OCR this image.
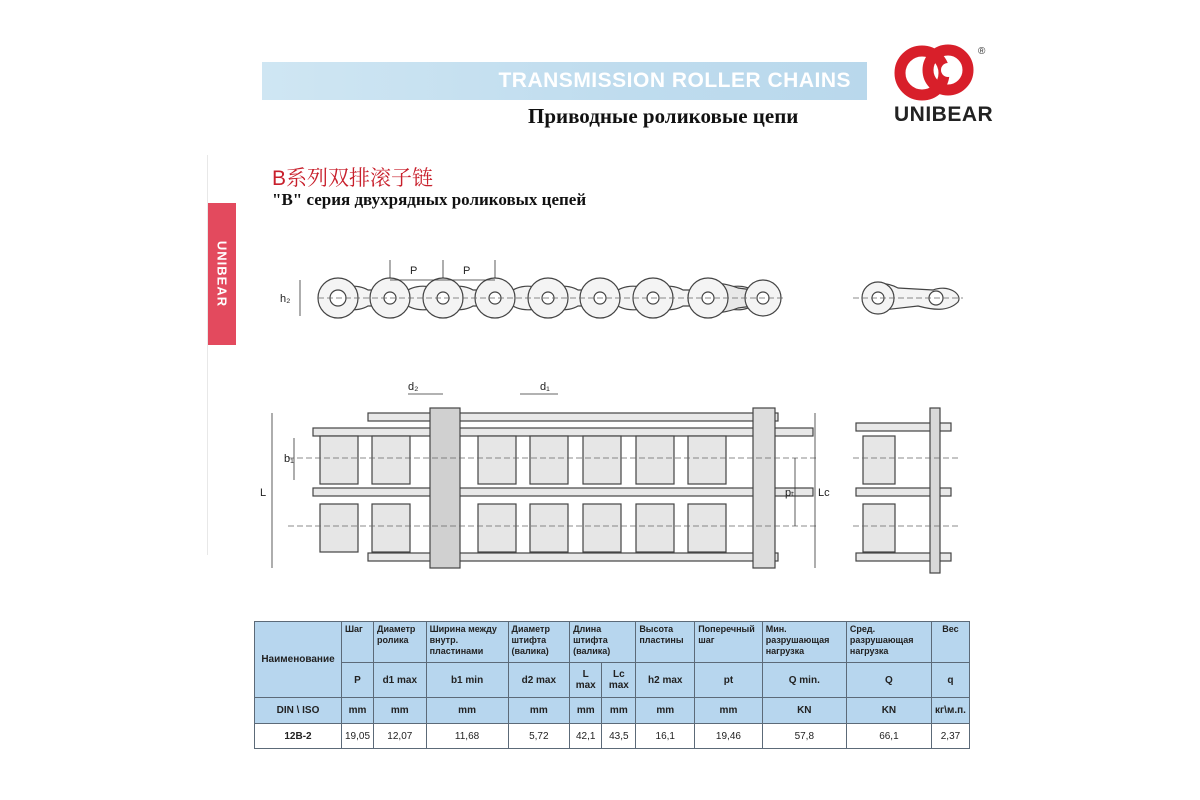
TRANSMISSION ROLLER CHAINS
Приводные роликовые цепи
®
UNIBEAR
UNIBEAR
B系列双排滚子链
"B" серия двухрядных роликовых цепей
P	P
h₂
d₂	d₁
b₁
L	pₜ Lc
Наименование	Шаг	Диаметр ролика	Ширина между внутр. пластинами	Диаметр штифта (валика)	Длина штифта (валика)		Высота пластины	Поперечный шаг	Мин. разрушающая нагрузка	Сред. разрушающая нагрузка	Вес
	P	d1 max	b1 min	d2 max	L max	Lc max	h2 max	pt	Q min.	Q	q
DIN \ ISO	mm	mm	mm	mm	mm	mm	mm	mm	KN	KN	кг\м.п.
12B-2	19,05	12,07	11,68	5,72	42,1	43,5	16,1	19,46	57,8	66,1	2,37
